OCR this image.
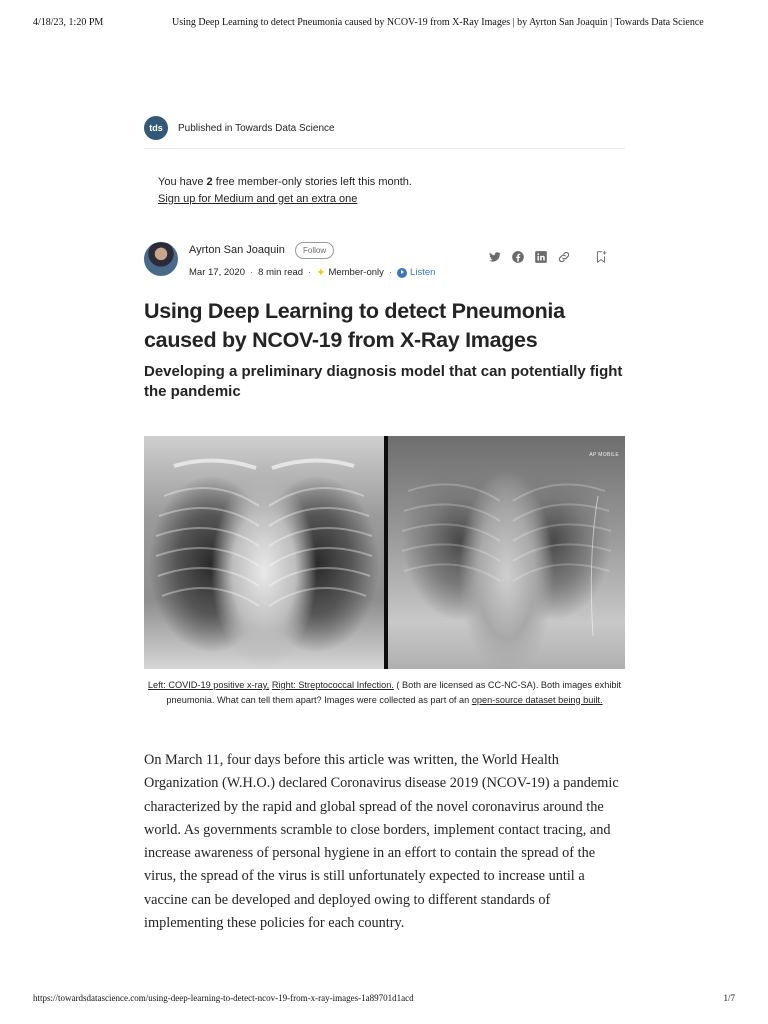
4/18/23, 1:20 PM	Using Deep Learning to detect Pneumonia caused by NCOV-19 from X-Ray Images | by Ayrton San Joaquin | Towards Data Science
tds	Published in Towards Data Science
You have 2 free member-only stories left this month.
Sign up for Medium and get an extra one
Ayrton San Joaquin	Follow
Mar 17, 2020 · 8 min read · ✦ Member-only · Listen
Using Deep Learning to detect Pneumonia caused by NCOV-19 from X-Ray Images
Developing a preliminary diagnosis model that can potentially fight the pandemic
AP MOBILE

Left: COVID-19 positive x-ray, Right: Streptococcal Infection. ( Both are licensed as CC-NC-SA). Both images exhibit pneumonia. What can tell them apart? Images were collected as part of an open-source dataset being built.

On March 11, four days before this article was written, the World Health Organization (W.H.O.) declared Coronavirus disease 2019 (NCOV-19) a pandemic characterized by the rapid and global spread of the novel coronavirus around the world. As governments scramble to close borders, implement contact tracing, and increase awareness of personal hygiene in an effort to contain the spread of the virus, the spread of the virus is still unfortunately expected to increase until a vaccine can be developed and deployed owing to different standards of implementing these policies for each country.

https://towardsdatascience.com/using-deep-learning-to-detect-ncov-19-from-x-ray-images-1a89701d1acd	1/7
